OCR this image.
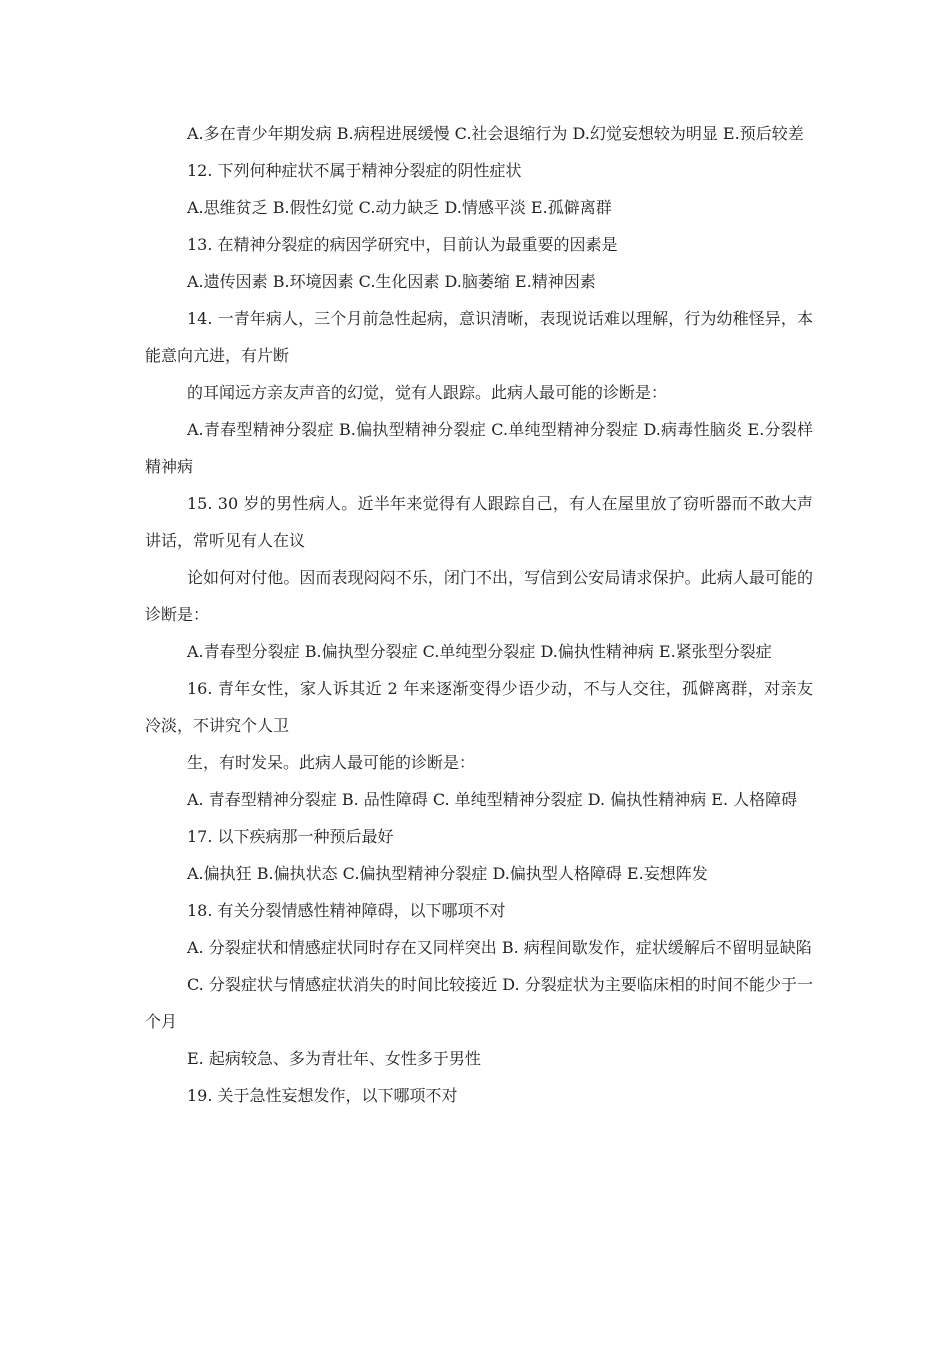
A.多在青少年期发病 B.病程进展缓慢 C.社会退缩行为 D.幻觉妄想较为明显 E.预后较差

12. 下列何种症状不属于精神分裂症的阴性症状

A.思维贫乏 B.假性幻觉 C.动力缺乏 D.情感平淡 E.孤僻离群

13. 在精神分裂症的病因学研究中，目前认为最重要的因素是

A.遗传因素 B.环境因素 C.生化因素 D.脑萎缩 E.精神因素

14. 一青年病人，三个月前急性起病，意识清晰，表现说话难以理解，行为幼稚怪异，本能意向亢进，有片断

的耳闻远方亲友声音的幻觉，觉有人跟踪。此病人最可能的诊断是：

A.青春型精神分裂症 B.偏执型精神分裂症 C.单纯型精神分裂症 D.病毒性脑炎 E.分裂样精神病

15. 30 岁的男性病人。近半年来觉得有人跟踪自己，有人在屋里放了窃听器而不敢大声讲话，常听见有人在议

论如何对付他。因而表现闷闷不乐，闭门不出，写信到公安局请求保护。此病人最可能的诊断是：

A.青春型分裂症 B.偏执型分裂症 C.单纯型分裂症 D.偏执性精神病 E.紧张型分裂症

16. 青年女性，家人诉其近 2 年来逐渐变得少语少动，不与人交往，孤僻离群，对亲友冷淡，不讲究个人卫

生，有时发呆。此病人最可能的诊断是：

A. 青春型精神分裂症 B. 品性障碍 C. 单纯型精神分裂症 D. 偏执性精神病 E. 人格障碍

17. 以下疾病那一种预后最好

A.偏执狂 B.偏执状态 C.偏执型精神分裂症 D.偏执型人格障碍 E.妄想阵发

18. 有关分裂情感性精神障碍，以下哪项不对

A. 分裂症状和情感症状同时存在又同样突出 B. 病程间歇发作，症状缓解后不留明显缺陷

C. 分裂症状与情感症状消失的时间比较接近 D. 分裂症状为主要临床相的时间不能少于一个月

E. 起病较急、多为青壮年、女性多于男性

19. 关于急性妄想发作，以下哪项不对
